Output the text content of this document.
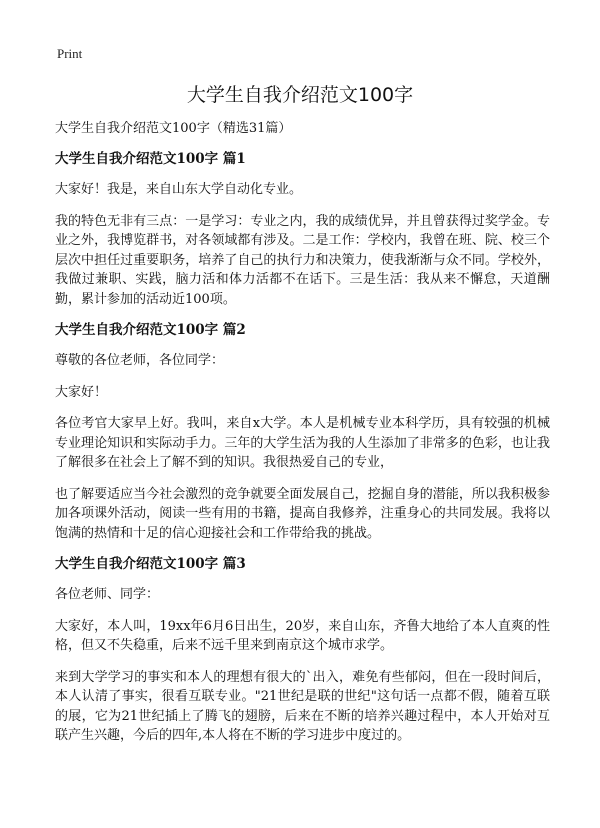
Print
大学生自我介绍范文100字

大学生自我介绍范文100字（精选31篇）

大学生自我介绍范文100字 篇1

大家好！我是，来自山东大学自动化专业。

我的特色无非有三点：一是学习：专业之内，我的成绩优异，并且曾获得过奖学金。专业之外，我博览群书，对各领域都有涉及。二是工作：学校内，我曾在班、院、校三个层次中担任过重要职务，培养了自己的执行力和决策力，使我渐渐与众不同。学校外，我做过兼职、实践，脑力活和体力活都不在话下。三是生活：我从来不懈怠，天道酬勤，累计参加的活动近100项。

大学生自我介绍范文100字 篇2

尊敬的各位老师，各位同学：

大家好！

各位考官大家早上好。我叫，来自x大学。本人是机械专业本科学历，具有较强的机械专业理论知识和实际动手力。三年的大学生活为我的人生添加了非常多的色彩，也让我了解很多在社会上了解不到的知识。我很热爱自己的专业，

也了解要适应当今社会激烈的竞争就要全面发展自己，挖掘自身的潜能，所以我积极参加各项课外活动，阅读一些有用的书籍，提高自我修养，注重身心的共同发展。我将以饱满的热情和十足的信心迎接社会和工作带给我的挑战。

大学生自我介绍范文100字 篇3

各位老师、同学：

大家好，本人叫，19xx年6月6日出生，20岁，来自山东，齐鲁大地给了本人直爽的性格，但又不失稳重，后来不远千里来到南京这个城市求学。

来到大学学习的事实和本人的理想有很大的`出入，难免有些郁闷，但在一段时间后，本人认清了事实，很看互联专业。"21世纪是联的世纪"这句话一点都不假，随着互联的展，它为21世纪插上了腾飞的翅膀，后来在不断的培养兴趣过程中，本人开始对互联产生兴趣，今后的四年,本人将在不断的学习进步中度过的。
